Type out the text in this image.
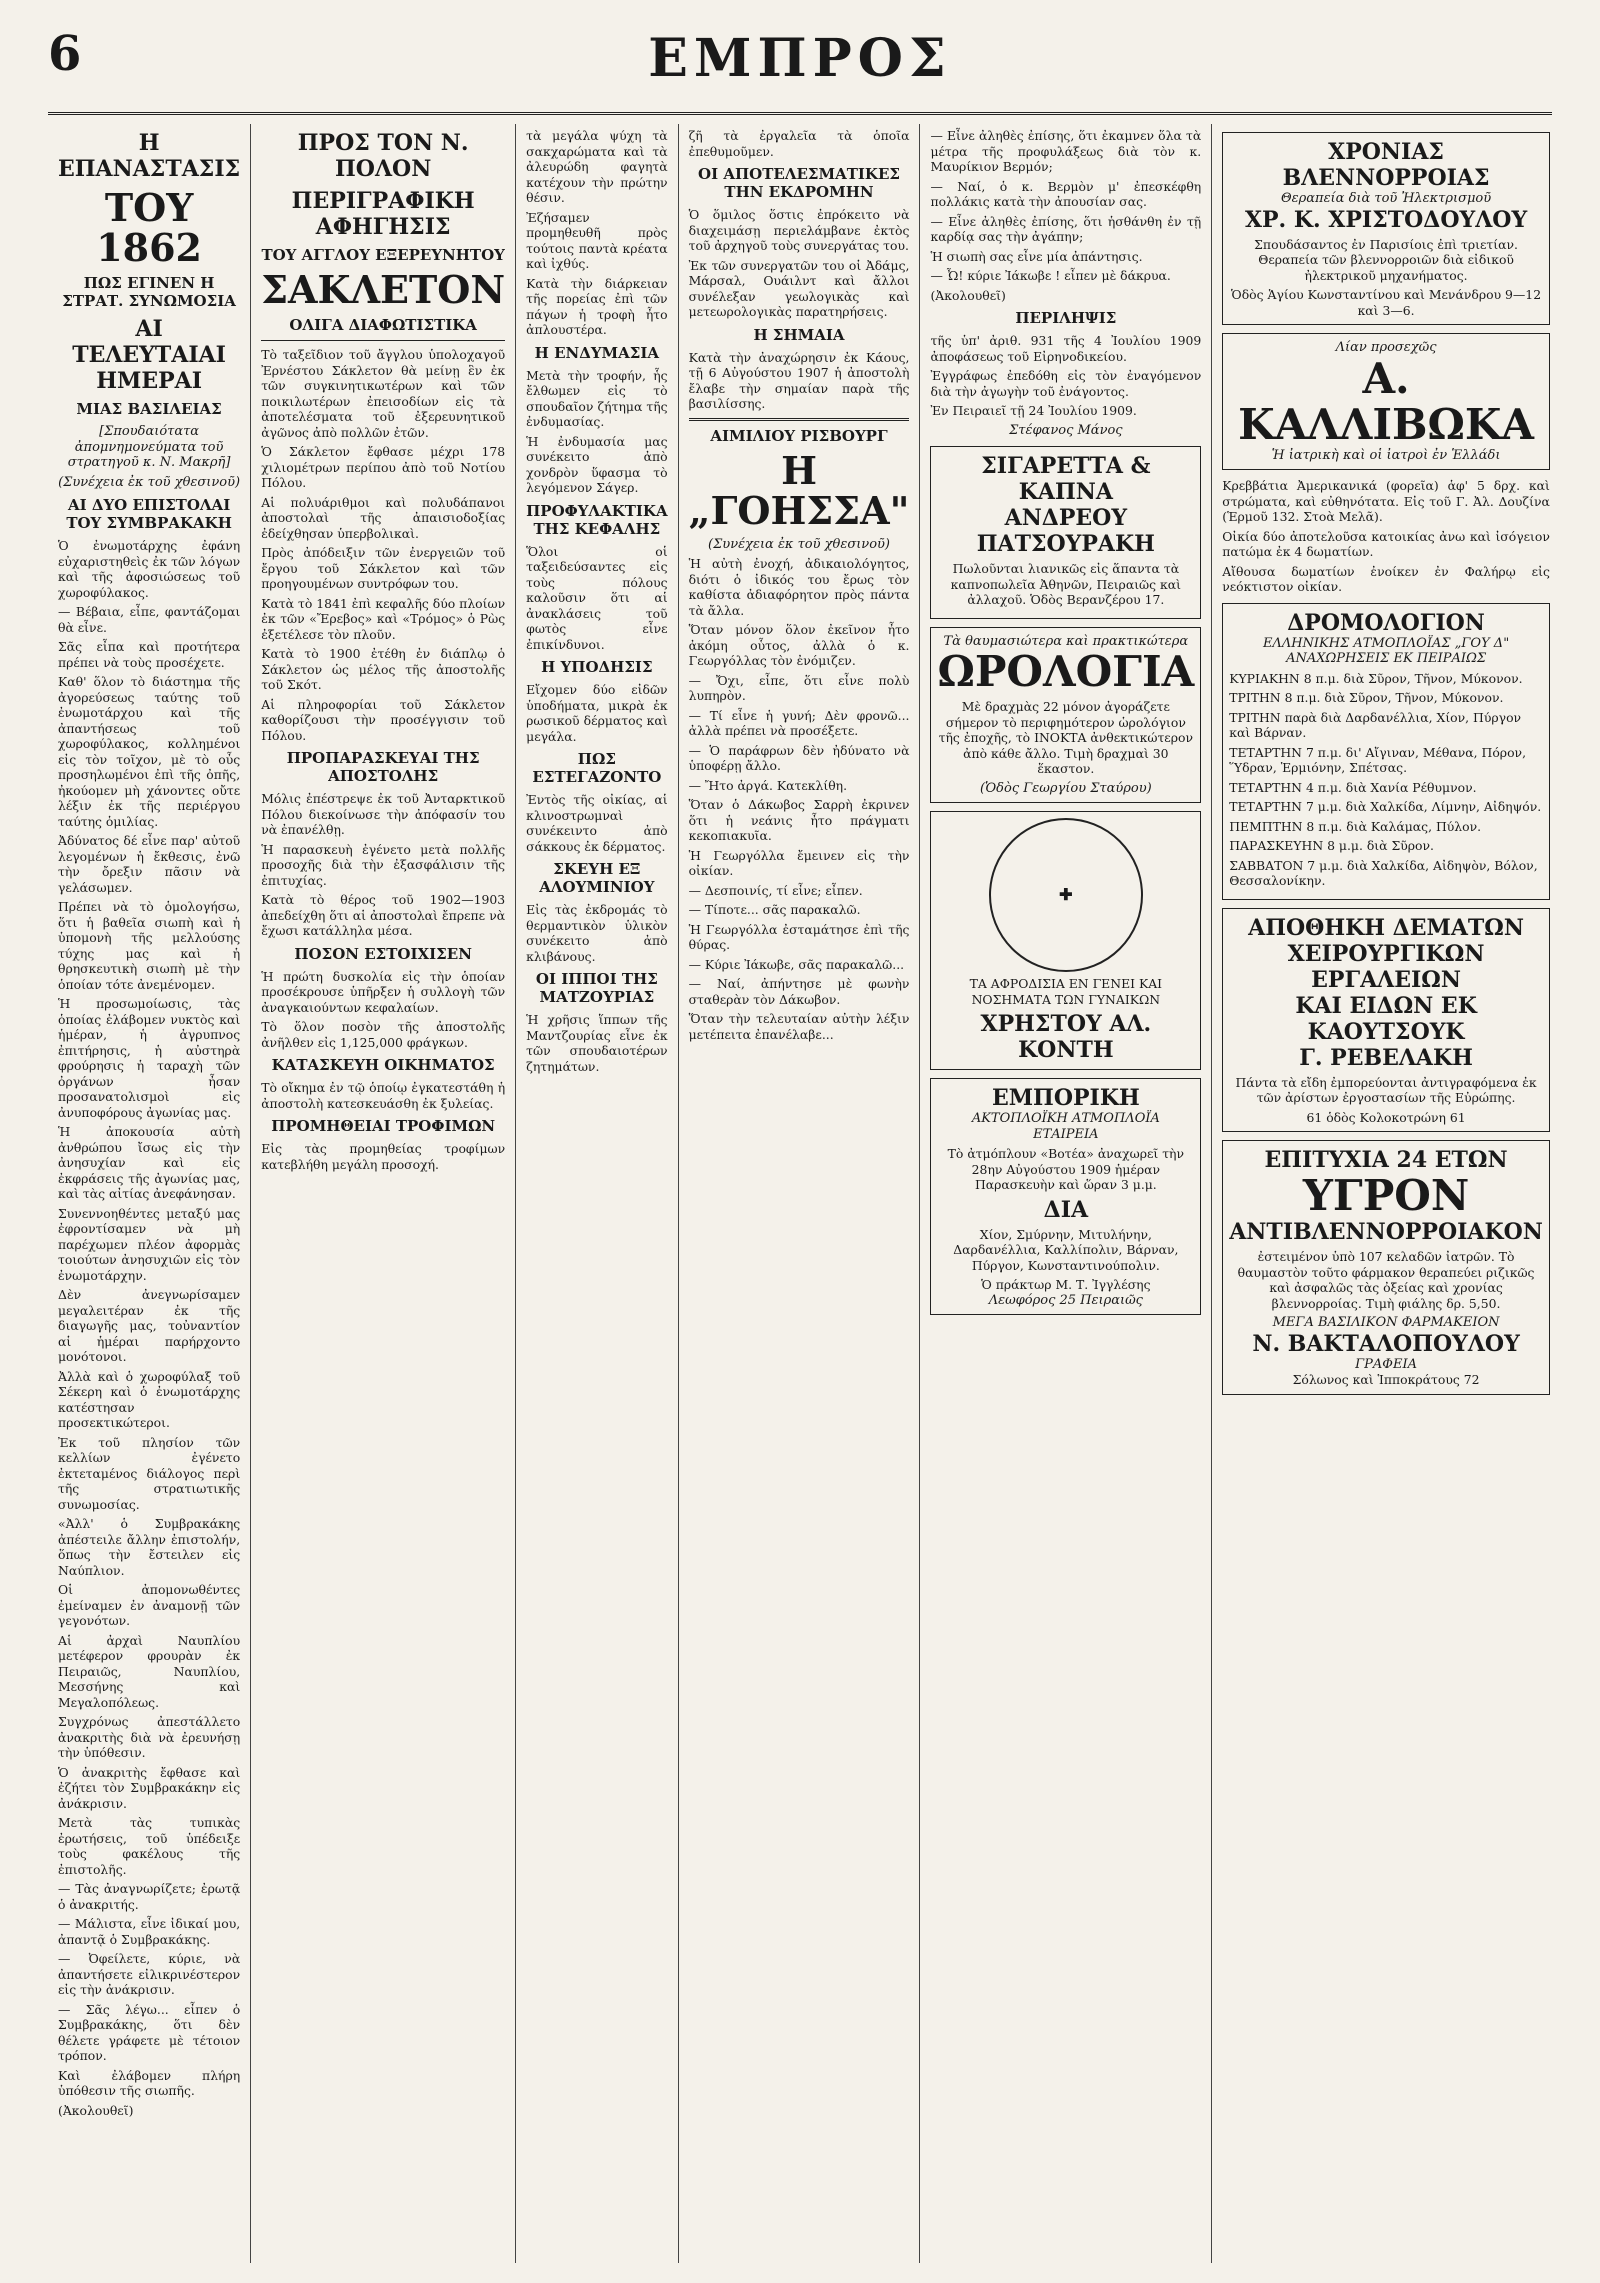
6	ΕΜΠΡΟΣ
Η ΕΠΑΝΑΣΤΑΣΙΣ
ΤΟΥ 1862
ΠΩΣ ΕΓΙΝΕΝ Η ΣΤΡΑΤ. ΣΥΝΩΜΟΣΙΑ
ΑΙ ΤΕΛΕΥΤΑΙΑΙ ΗΜΕΡΑΙ
ΜΙΑΣ ΒΑΣΙΛΕΙΑΣ
[Σπουδαιότατα ἀπομνημονεύματα τοῦ στρατηγοῦ κ. Ν. Μακρῆ]
(Συνέχεια ἐκ τοῦ χθεσινοῦ)
ΑΙ ΔΥΟ ΕΠΙΣΤΟΛΑΙ ΤΟΥ ΣΥΜΒΡΑΚΑΚΗ

Ὁ ἐνωμοτάρχης ἐφάνη εὐχαριστηθεὶς ἐκ τῶν λόγων καὶ τῆς ἀφοσιώσεως τοῦ χωροφύλακος.

— Βέβαια, εἶπε, φαντάζομαι θὰ εἶνε.

Σᾶς εἶπα καὶ προτήτερα πρέπει νὰ τοὺς προσέχετε.

Καθ' ὅλον τὸ διάστημα τῆς ἀγορεύσεως ταύτης τοῦ ἐνωμοτάρχου καὶ τῆς ἀπαντήσεως τοῦ χωροφύλακος, κολλημένοι εἰς τὸν τοῖχον, μὲ τὸ οὖς προσηλωμένοι ἐπὶ τῆς ὀπῆς, ἠκούομεν μὴ χάνοντες οὔτε λέξιν ἐκ τῆς περιέργου ταύτης ὁμιλίας.

Ἀδύνατος δέ εἶνε παρ' αὐτοῦ λεγομένων ἡ ἔκθεσις, ἐνῶ τὴν ὄρεξιν πᾶσιν νὰ γελάσωμεν.

Πρέπει νὰ τὸ ὁμολογήσω, ὅτι ἡ βαθεῖα σιωπὴ καὶ ἡ ὑπομονὴ τῆς μελλούσης τύχης μας καὶ ἡ θρησκευτικὴ σιωπὴ μὲ τὴν ὁποίαν τότε ἀνεμένομεν.

Ἡ προσωμοίωσις, τὰς ὁποίας ἐλάβομεν νυκτὸς καὶ ἡμέραν, ἡ ἀγρυπνος ἐπιτήρησις, ἡ αὐστηρὰ φρούρησις ἡ ταραχὴ τῶν ὀργάνων ἦσαν προσανατολισμοὶ εἰς ἀνυποφόρους ἀγωνίας μας.

Ἡ ἀποκουσία αὐτὴ ἀνθρώπου ἴσως εἰς τὴν ἀνησυχίαν καὶ εἰς ἐκφράσεις τῆς ἀγωνίας μας, καὶ τὰς αἰτίας ἀνεφάνησαν.

Συνεννοηθέντες μεταξύ μας ἐφροντίσαμεν νὰ μὴ παρέχωμεν πλέον ἀφορμὰς τοιούτων ἀνησυχιῶν εἰς τὸν ἐνωμοτάρχην.

Δὲν ἀνεγνωρίσαμεν μεγαλειτέραν ἐκ τῆς διαγωγῆς μας, τοὐναντίον αἱ ἡμέραι παρήρχοντο μονότονοι.

Ἀλλὰ καὶ ὁ χωροφύλαξ τοῦ Σέκερη καὶ ὁ ἐνωμοτάρχης κατέστησαν προσεκτικώτεροι.

Ἐκ τοῦ πλησίον τῶν κελλίων ἐγένετο ἐκτεταμένος διάλογος περὶ τῆς στρατιωτικῆς συνωμοσίας.

«Ἀλλ' ὁ Συμβρακάκης ἀπέστειλε ἄλλην ἐπιστολήν, ὅπως τὴν ἔστειλεν εἰς Ναύπλιον.

Οἱ ἀπομονωθέντες ἐμείναμεν ἐν ἀναμονῇ τῶν γεγονότων.

Αἱ ἀρχαὶ Ναυπλίου μετέφερον φρουρὰν ἐκ Πειραιῶς, Ναυπλίου, Μεσσήνης καὶ Μεγαλοπόλεως.

Συγχρόνως ἀπεστάλλετο ἀνακριτὴς διὰ νὰ ἐρευνήσῃ τὴν ὑπόθεσιν.

Ὁ ἀνακριτὴς ἔφθασε καὶ ἐζήτει τὸν Συμβρακάκην εἰς ἀνάκρισιν.

Μετὰ τὰς τυπικὰς ἐρωτήσεις, τοῦ ὑπέδειξε τοὺς φακέλους τῆς ἐπιστολῆς.

— Τὰς ἀναγνωρίζετε; ἐρωτᾷ ὁ ἀνακριτής.

— Μάλιστα, εἶνε ἰδικαί μου, ἀπαντᾷ ὁ Συμβρακάκης.

— Ὀφείλετε, κύριε, νὰ ἀπαντήσετε εἰλικρινέστερον εἰς τὴν ἀνάκρισιν.

— Σᾶς λέγω... εἶπεν ὁ Συμβρακάκης, ὅτι δὲν θέλετε γράφετε μὲ τέτοιον τρόπον.

Καὶ ἐλάβομεν πλήρη ὑπόθεσιν τῆς σιωπῆς.

(Ἀκολουθεῖ)

ΠΡΟΣ ΤΟΝ Ν. ΠΟΛΟΝ
ΠΕΡΙΓΡΑΦΙΚΗ ΑΦΗΓΗΣΙΣ
ΤΟΥ ΑΓΓΛΟΥ ΕΞΕΡΕΥΝΗΤΟΥ
ΣΑΚΛΕΤΟΝ
ΟΛΙΓΑ ΔΙΑΦΩΤΙΣΤΙΚΑ

Τὸ ταξεῖδιον τοῦ ἄγγλου ὑπολοχαγοῦ Ἐρνέστου Σάκλετον θὰ μείνῃ ἓν ἐκ τῶν συγκινητικωτέρων καὶ τῶν ποικιλωτέρων ἐπεισοδίων εἰς τὰ ἀποτελέσματα τοῦ ἐξερευνητικοῦ ἀγῶνος ἀπὸ πολλῶν ἐτῶν.

Ὁ Σάκλετον ἔφθασε μέχρι 178 χιλιομέτρων περίπου ἀπὸ τοῦ Νοτίου Πόλου.

Αἱ πολυάριθμοι καὶ πολυδάπανοι ἀποστολαὶ τῆς ἀπαισιοδοξίας ἐδείχθησαν ὑπερβολικαὶ.

Πρὸς ἀπόδειξιν τῶν ἐνεργειῶν τοῦ ἔργου τοῦ Σάκλετον καὶ τῶν προηγουμένων συντρόφων του.

Κατὰ τὸ 1841 ἐπὶ κεφαλῆς δύο πλοίων ἐκ τῶν «Ἔρεβος» καὶ «Τρόμος» ὁ Ρὼς ἐξετέλεσε τὸν πλοῦν.

Κατὰ τὸ 1900 ἐτέθη ἐν διάπλῳ ὁ Σάκλετον ὡς μέλος τῆς ἀποστολῆς τοῦ Σκότ.

Αἱ πληροφορίαι τοῦ Σάκλετον καθορίζουσι τὴν προσέγγισιν τοῦ Πόλου.

ΠΡΟΠΑΡΑΣΚΕΥΑΙ ΤΗΣ ΑΠΟΣΤΟΛΗΣ

Μόλις ἐπέστρεψε ἐκ τοῦ Ἀνταρκτικοῦ Πόλου διεκοίνωσε τὴν ἀπόφασίν του νὰ ἐπανέλθῃ.

Ἡ παρασκευὴ ἐγένετο μετὰ πολλῆς προσοχῆς διὰ τὴν ἐξασφάλισιν τῆς ἐπιτυχίας.

Κατὰ τὸ θέρος τοῦ 1902—1903 ἀπεδείχθη ὅτι αἱ ἀποστολαὶ ἔπρεπε νὰ ἔχωσι κατάλληλα μέσα.

ΠΟΣΟΝ ΕΣΤΟΙΧΙΣΕΝ

Ἡ πρώτη δυσκολία εἰς τὴν ὁποίαν προσέκρουσε ὑπῆρξεν ἡ συλλογὴ τῶν ἀναγκαιούντων κεφαλαίων.

Τὸ ὅλον ποσὸν τῆς ἀποστολῆς ἀνῆλθεν εἰς 1,125,000 φράγκων.

ΚΑΤΑΣΚΕΥΗ ΟΙΚΗΜΑΤΟΣ

Τὸ οἴκημα ἐν τῷ ὁποίῳ ἐγκατεστάθη ἡ ἀποστολὴ κατεσκευάσθη ἐκ ξυλείας.

ΠΡΟΜΗΘΕΙΑΙ ΤΡΟΦΙΜΩΝ

Εἰς τὰς προμηθείας τροφίμων κατεβλήθη μεγάλη προσοχή.

τὰ μεγάλα ψύχη τὰ σακχαρώματα καὶ τὰ ἀλευρώδη φαγητὰ κατέχουν τὴν πρώτην θέσιν.

Ἐζήσαμεν προμηθευθῆ πρὸς τούτοις παντὰ κρέατα καὶ ἰχθύς.

Κατὰ τὴν διάρκειαν τῆς πορείας ἐπὶ τῶν πάγων ἡ τροφὴ ἦτο ἀπλουστέρα.

Η ΕΝΔΥΜΑΣΙΑ

Μετὰ τὴν τροφήν, ἧς ἔλθωμεν εἰς τὸ σπουδαῖον ζήτημα τῆς ἐνδυμασίας.

Ἡ ἐνδυμασία μας συνέκειτο ἀπὸ χονδρὸν ὕφασμα τὸ λεγόμενον Σάγερ.

ΠΡΟΦΥΛΑΚΤΙΚΑ ΤΗΣ ΚΕΦΑΛΗΣ

Ὅλοι οἱ ταξειδεύσαντες εἰς τοὺς πόλους καλοῦσιν ὅτι αἱ ἀνακλάσεις τοῦ φωτὸς εἶνε ἐπικίνδυνοι.

Η ΥΠΟΔΗΣΙΣ

Εἴχομεν δύο εἰδῶν ὑποδήματα, μικρὰ ἐκ ρωσικοῦ δέρματος καὶ μεγάλα.

ΠΩΣ ΕΣΤΕΓΑΖΟΝΤΟ

Ἐντὸς τῆς οἰκίας, αἱ κλινοστρωμναὶ συνέκειντο ἀπὸ σάκκους ἐκ δέρματος.

ΣΚΕΥΗ ΕΞ ΑΛΟΥΜΙΝΙΟΥ

Εἰς τὰς ἐκδρομάς τὸ θερμαντικὸν ὑλικὸν συνέκειτο ἀπὸ κλιβάνους.

ΟΙ ΙΠΠΟΙ ΤΗΣ ΜΑΤΖΟΥΡΙΑΣ

Ἡ χρῆσις ἵππων τῆς Μαντζουρίας εἶνε ἐκ τῶν σπουδαιοτέρων ζητημάτων.

ζῆ τὰ ἐργαλεῖα τὰ ὁποῖα ἐπεθυμοῦμεν.

ΟΙ ΑΠΟΤΕΛΕΣΜΑΤΙΚΕΣ ΤΗΝ ΕΚΔΡΟΜΗΝ

Ὁ ὅμιλος ὅστις ἐπρόκειτο νὰ διαχειμάσῃ περιελάμβανε ἐκτὸς τοῦ ἀρχηγοῦ τοὺς συνεργάτας του.

Ἐκ τῶν συνεργατῶν του οἱ Ἀδάμς, Μάρσαλ, Ουάιλντ καὶ ἄλλοι συνέλεξαν γεωλογικὰς καὶ μετεωρολογικὰς παρατηρήσεις.

Η ΣΗΜΑΙΑ

Κατὰ τὴν ἀναχώρησιν ἐκ Κάους, τῇ 6 Αὐγούστου 1907 ἡ ἀποστολὴ ἔλαβε τὴν σημαίαν παρὰ τῆς βασιλίσσης.

ΑΙΜΙΛΙΟΥ ΡΙΣΒΟΥΡΓ
Η „ΓΟΗΣΣΑ"
(Συνέχεια ἐκ τοῦ χθεσινοῦ)

Ἡ αὐτὴ ἐνοχή, ἀδικαιολόγητος, διότι ὁ ἰδικός του ἔρως τὸν καθίστα ἀδιαφόρητον πρὸς πάντα τὰ ἄλλα.

Ὅταν μόνον ὅλον ἐκεῖνον ἦτο ἀκόμη οὗτος, ἀλλὰ ὁ κ. Γεωργόλλας τὸν ἐνόμιζεν.

— Ὄχι, εἶπε, ὅτι εἶνε πολὺ λυπηρὸν.

— Τί εἶνε ἡ γυνή; Δὲν φρονῶ... ἀλλὰ πρέπει νὰ προσέξετε.

— Ὁ παράφρων δὲν ἠδύνατο νὰ ὑποφέρῃ ἄλλο.

— Ἤτο ἀργά. Κατεκλίθη.

Ὅταν ὁ Δάκωβος Σαρρὴ ἐκρινεν ὅτι ἡ νεάνις ἦτο πράγματι κεκοπιακυῖα.

Ἡ Γεωργόλλα ἔμεινεν εἰς τὴν οἰκίαν.

— Δεσποινίς, τί εἶνε; εἶπεν.

— Τίποτε... σᾶς παρακαλῶ.

Ἡ Γεωργόλλα ἐσταμάτησε ἐπὶ τῆς θύρας.

— Κύριε Ἰάκωβε, σᾶς παρακαλῶ...

— Ναί, ἀπήντησε μὲ φωνὴν σταθερὰν τὸν Δάκωβον.

Ὅταν τὴν τελευταίαν αὐτὴν λέξιν μετέπειτα ἐπανέλαβε...

— Εἶνε ἀληθὲς ἐπίσης, ὅτι ἐκαμνεν ὅλα τὰ μέτρα τῆς προφυλάξεως διὰ τὸν κ. Μαυρίκιον Βερμόν;

— Ναί, ὁ κ. Βερμὸν μ' ἐπεσκέφθη πολλάκις κατὰ τὴν ἀπουσίαν σας.

— Εἶνε ἀληθὲς ἐπίσης, ὅτι ἡσθάνθη ἐν τῇ καρδίᾳ σας τὴν ἀγάπην;

Ἡ σιωπὴ σας εἶνε μία ἀπάντησις.

— Ὦ! κύριε Ἰάκωβε ! εἶπεν μὲ δάκρυα.

(Ἀκολουθεῖ)

ΠΕΡΙΛΗΨΙΣ

τῆς ὑπ' ἀριθ. 931 τῆς 4 Ἰουλίου 1909 ἀποφάσεως τοῦ Εἰρηνοδικείου.

Ἐγγράφως ἐπεδόθη εἰς τὸν ἐναγόμενον διὰ τὴν ἀγωγὴν τοῦ ἐνάγοντος.

Ἐν Πειραιεῖ τῇ 24 Ἰουλίου 1909.

Στέφανος Μάνος
ΣΙΓΑΡΕΤΤΑ & ΚΑΠΝΑ
ΑΝΔΡΕΟΥ ΠΑΤΣΟΥΡΑΚΗ

Πωλοῦνται λιανικῶς εἰς ἅπαντα τὰ καπνοπωλεῖα Ἀθηνῶν, Πειραιῶς καὶ ἀλλαχοῦ. Ὁδὸς Βερανζέρου 17.

Τὰ θαυμασιώτερα καὶ πρακτικώτερα
ΩΡΟΛΟΓΙΑ

Μὲ δραχμὰς 22 μόνον ἀγοράζετε σήμερον τὸ περιφημότερον ὡρολόγιον τῆς ἐποχῆς, τὸ ΙΝΟΚΤΑ ἀνθεκτικώτερον ἀπὸ κάθε ἄλλο. Τιμὴ δραχμαὶ 30 ἕκαστον.

(Ὁδὸς Γεωργίου Σταύρου)
✚

ΤΑ ΑΦΡΟΔΙΣΙΑ ΕΝ ΓΕΝΕΙ ΚΑΙ ΝΟΣΗΜΑΤΑ ΤΩΝ ΓΥΝΑΙΚΩΝ

ΧΡΗΣΤΟΥ ΑΛ. ΚΟΝΤΗ
ΕΜΠΟΡΙΚΗ
ΑΚΤΟΠΛΟΪΚΗ ΑΤΜΟΠΛΟΪΑ ΕΤΑΙΡΕΙΑ

Τὸ ἀτμόπλουν «Βοτέα» ἀναχωρεῖ τὴν 28ην Αὐγούστου 1909 ἡμέραν Παρασκευὴν καὶ ὥραν 3 μ.μ.

ΔΙΑ

Χίον, Σμύρνην, Μιτυλήνην, Δαρδανέλλια, Καλλίπολιν, Βάρναν, Πύργον, Κωνσταντινούπολιν.

Ὁ πράκτωρ Μ. Τ. Ἰγγλέσης
Λεωφόρος 25 Πειραιῶς
ΧΡΟΝΙΑΣ ΒΛΕΝΝΟΡΡΟΙΑΣ
Θεραπεία διὰ τοῦ Ἠλεκτρισμοῦ
ΧΡ. Κ. ΧΡΙΣΤΟΔΟΥΛΟΥ

Σπουδάσαντος ἐν Παρισίοις ἐπὶ τριετίαν. Θεραπεία τῶν βλεννορροιῶν διὰ εἰδικοῦ ἠλεκτρικοῦ μηχανήματος.

Ὁδὸς Ἁγίου Κωνσταντίνου καὶ Μενάνδρου 9—12 καὶ 3—6.
Λίαν προσεχῶς
Α. ΚΑΛΛΙΒΩΚΑ
Ἡ ἰατρικὴ καὶ οἱ ἰατροὶ ἐν Ἑλλάδι

Κρεββάτια Ἀμερικανικά (φορεῖα) ἁφ' 5 δρχ. καὶ στρώματα, καὶ εὐθηνότατα. Εἰς τοῦ Γ. Ἀλ. Δουζίνα (Ἑρμοῦ 132. Στοὰ Μελᾶ).

Οἰκία δύο ἀποτελοῦσα κατοικίας ἀνω καὶ ἰσόγειον πατώμα ἐκ 4 δωματίων.

Αἴθουσα δωματίων ἐνοίκεν ἐν Φαλήρῳ εἰς νεόκτιστον οἰκίαν.

ΔΡΟΜΟΛΟΓΙΟΝ
ΕΛΛΗΝΙΚΗΣ ΑΤΜΟΠΛΟΪΑΣ „ΓΟΥ Δ"
ΑΝΑΧΩΡΗΣΕΙΣ ΕΚ ΠΕΙΡΑΙΩΣ

ΚΥΡΙΑΚΗΝ 8 π.μ. διὰ Σῦρον, Τῆνον, Μύκονον.

ΤΡΙΤΗΝ 8 π.μ. διὰ Σῦρον, Τῆνον, Μύκονον.

ΤΡΙΤΗΝ παρὰ διὰ Δαρδανέλλια, Χίον, Πύργον καὶ Βάρναν.

ΤΕΤΑΡΤΗΝ 7 π.μ. δι' Αἴγιναν, Μέθανα, Πόρον, Ὕδραν, Ἑρμιόνην, Σπέτσας.

ΤΕΤΑΡΤΗΝ 4 π.μ. διὰ Χανία Ρέθυμνον.

ΤΕΤΑΡΤΗΝ 7 μ.μ. διὰ Χαλκίδα, Λίμνην, Αἰδηψόν.

ΠΕΜΠΤΗΝ 8 π.μ. διὰ Καλάμας, Πύλον.

ΠΑΡΑΣΚΕΥΗΝ 8 μ.μ. διὰ Σῦρον.

ΣΑΒΒΑΤΟΝ 7 μ.μ. διὰ Χαλκίδα, Αἰδηψὸν, Βόλον, Θεσσαλονίκην.

ΑΠΟΘΗΚΗ ΔΕΜΑΤΩΝ
ΧΕΙΡΟΥΡΓΙΚΩΝ ΕΡΓΑΛΕΙΩΝ
ΚΑΙ ΕΙΔΩΝ ΕΚ ΚΑΟΥΤΣΟΥΚ
Γ. ΡΕΒΕΛΑΚΗ

Πάντα τὰ εἴδη ἐμπορεύονται ἀντιγραφόμενα ἐκ τῶν ἀρίστων ἐργοστασίων τῆς Εὐρώπης.

61 ὁδὸς Κολοκοτρώνη 61
ΕΠΙΤΥΧΙΑ 24 ΕΤΩΝ
ΥΓΡΟΝ
ΑΝΤΙΒΛΕΝΝΟΡΡΟΙΑΚΟΝ

ἐστειμένον ὑπὸ 107 κελαδῶν ἰατρῶν. Τὸ θαυμαστὸν τοῦτο φάρμακον θεραπεύει ριζικῶς καὶ ἀσφαλῶς τὰς ὀξείας καὶ χρονίας βλεννορροίας. Τιμὴ φιάλης δρ. 5,50.

ΜΕΓΑ ΒΑΣΙΛΙΚΟΝ ΦΑΡΜΑΚΕΙΟΝ
Ν. ΒΑΚΤΑΛΟΠΟΥΛΟΥ
ΓΡΑΦΕΙΑ
Σόλωνος καὶ Ἱπποκράτους 72
